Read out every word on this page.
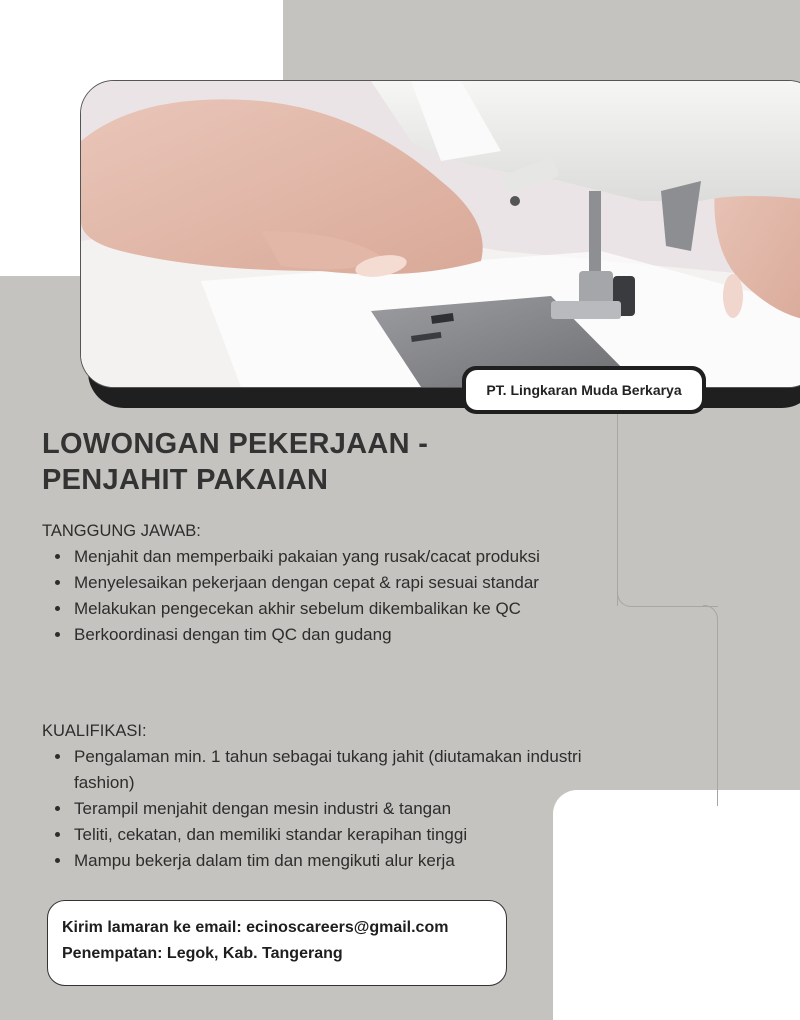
PT. Lingkaran Muda Berkarya
LOWONGAN PEKERJAAN -
PENJAHIT PAKAIAN

TANGGUNG JAWAB:

• Menjahit dan memperbaiki pakaian yang rusak/cacat produksi
• Menyelesaikan pekerjaan dengan cepat & rapi sesuai standar
• Melakukan pengecekan akhir sebelum dikembalikan ke QC
• Berkoordinasi dengan tim QC dan gudang

KUALIFIKASI:

• Pengalaman min. 1 tahun sebagai tukang jahit (diutamakan industri fashion)
• Terampil menjahit dengan mesin industri & tangan
• Teliti, cekatan, dan memiliki standar kerapihan tinggi
• Mampu bekerja dalam tim dan mengikuti alur kerja
Kirim lamaran ke email: ecinoscareers@gmail.com
Penempatan: Legok, Kab. Tangerang
